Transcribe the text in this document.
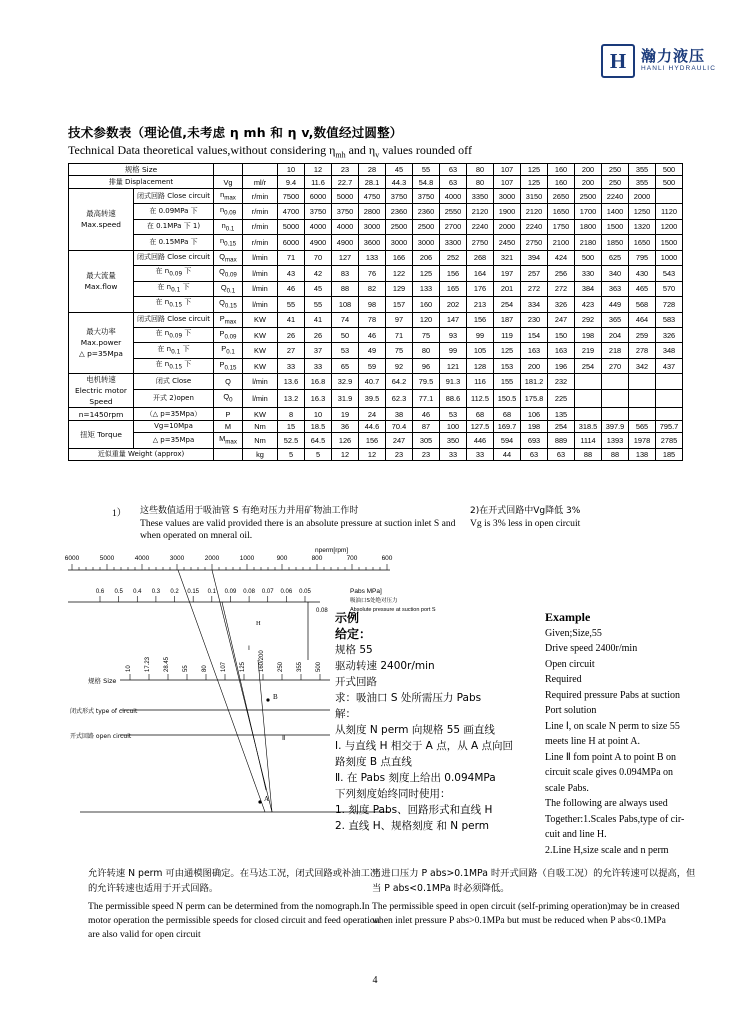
H 瀚力液压
HANLI HYDRAULIC
技术参数表（理论值,未考虑 η mh 和 η v,数值经过圆整）
Technical Data theoretical values,without considering $\eta_{mh}$ and $\eta_v$ values rounded off
规格 Size				10	12	23	28	45	55	63	80	107	125	160	200	250	355	500
排量 Displacement		Vg	ml/r	9.4	11.6	22.7	28.1	44.3	54.8	63	80	107	125	160	200	250	355	500
最高转速
Max.speed	闭式回路 Close circuit	$n_{max}$	r/min	7500	6000	5000	4750	3750	3750	4000	3350	3000	3150	2650	2500	2240	2000	
	在 0.09MPa 下	$n_{0.09}$	r/min	4700	3750	3750	2800	2360	2360	2550	2120	1900	2120	1650	1700	1400	1250	1120
	在 0.1MPa 下 1)	$n_{0.1}$	r/min	5000	4000	4000	3000	2500	2500	2700	2240	2000	2240	1750	1800	1500	1320	1200
	在 0.15MPa 下	$n_{0.15}$	r/min	6000	4900	4900	3600	3000	3000	3300	2750	2450	2750	2100	2180	1850	1650	1500
最大流量
Max.flow	闭式回路 Close circuit	$Q_{max}$	l/min	71	70	127	133	166	206	252	268	321	394	424	500	625	795	1000
	在 $n_{0.09}$ 下	$Q_{0.09}$	l/min	43	42	83	76	122	125	156	164	197	257	256	330	340	430	543
	在 $n_{0.1}$ 下	$Q_{0.1}$	l/min	46	45	88	82	129	133	165	176	201	272	272	384	363	465	570
	在 $n_{0.15}$ 下	$Q_{0.15}$	l/min	55	55	108	98	157	160	202	213	254	334	326	423	449	568	728
最大功率
Max.power
△ p=35Mpa	闭式回路 Close circuit	$P_{max}$	KW	41	41	74	78	97	120	147	156	187	230	247	292	365	464	583
	在 $n_{0.09}$ 下	$P_{0.09}$	KW	26	26	50	46	71	75	93	99	119	154	150	198	204	259	326
	在 $n_{0.1}$ 下	$P_{0.1}$	KW	27	37	53	49	75	80	99	105	125	163	163	219	218	278	348
	在 $n_{0.15}$ 下	$P_{0.15}$	KW	33	33	65	59	92	96	121	128	153	200	196	254	270	342	437
电机转速
Electric motor
Speed	闭式 Close	Q	l/min	13.6	16.8	32.9	40.7	64.2	79.5	91.3	116	155	181.2	232				
	开式 2)open	$Q_0$	l/min	13.2	16.3	31.9	39.5	62.3	77.1	88.6	112.5	150.5	175.8	225				
n=1450rpm	（△ p=35Mpa）	P	KW	8	10	19	24	38	46	53	68	68	106	135				
扭矩 Torque	Vg=10Mpa	M	Nm	15	18.5	36	44.6	70.4	87	100	127.5	169.7	198	254	318.5	397.9	565	795.7
	△ p=35Mpa	$M_{max}$	Nm	52.5	64.5	126	156	247	305	350	446	594	693	889	1114	1393	1978	2785
近似重量 Weight (approx)			kg	5	5	12	12	23	23	33	33	44	63	63	88	88	138	185
1） 这些数值适用于吸油管 S 有绝对压力并用矿物油工作时
These values are valid provided there is an absolute pressure at suction inlet S and when operated on mneral oil.
2)在开式回路中Vg降低 3%
Vg is 3% less in open circuit
6000	5000	4000	3000	2000	1000	900	800	700	600
nperm[rpm]
0.6 0.5 0.4 0.3 0.2 0.15 0.1 0.09 0.08 0.07 0.06 0.05
0.08
Pabs MPa]
吸油口S处绝对压力
Absolute pressure at suction port S
10 17.23 28.45 55 80 107 125 160/200 250 355 500
规格 Size
闭式形式 type of circuit
开式回路 open circuit
B
A
Ⅰ
Ⅱ
H	示例
给定：
规格 55
驱动转速 2400r/min
开式回路
求：吸油口 S 处所需压力 Pabs
解：
从刻度 N perm 向规格 55 画直线
Ⅰ. 与直线 H 相交于 A 点，从 A 点向回
路刻度 B 点直线
Ⅱ. 在 Pabs 刻度上给出 0.094MPa
下列刻度始终同时使用：
1. 刻度 Pabs、回路形式和直线 H
2. 直线 H、规格刻度 和 N perm
Example
Given;Size,55
Drive speed 2400r/min
Open circuit
Required
Required pressure Pabs at suction
Port solution
Line Ⅰ, on scale N perm to size 55
meets line H at point A.
Line Ⅱ fom point A to point B on
circuit scale gives 0.094MPa on
scale Pabs.
The following are always used
Together:1.Scales Pabs,type of cir-
cuit and line H.
2.Line H,size scale and n perm
允许转速 N perm 可由通模图确定。在马达工况，闭式回路或补油工况的允许转速也适用于开式回路。
The permissible speed N perm can be determined from the nomograph.In motor operation the permissible speeds for closed circuit and feed operation are also valid for open circuit
当进口压力 P abs>0.1MPa 时开式回路（自吸工况）的允许转速可以提高，但当 P abs<0.1MPa 时必须降低。
The permissible speed in open circuit (self-priming operation)may be in creased when inlet pressure P abs>0.1MPa but must be reduced when P abs<0.1MPa
4
